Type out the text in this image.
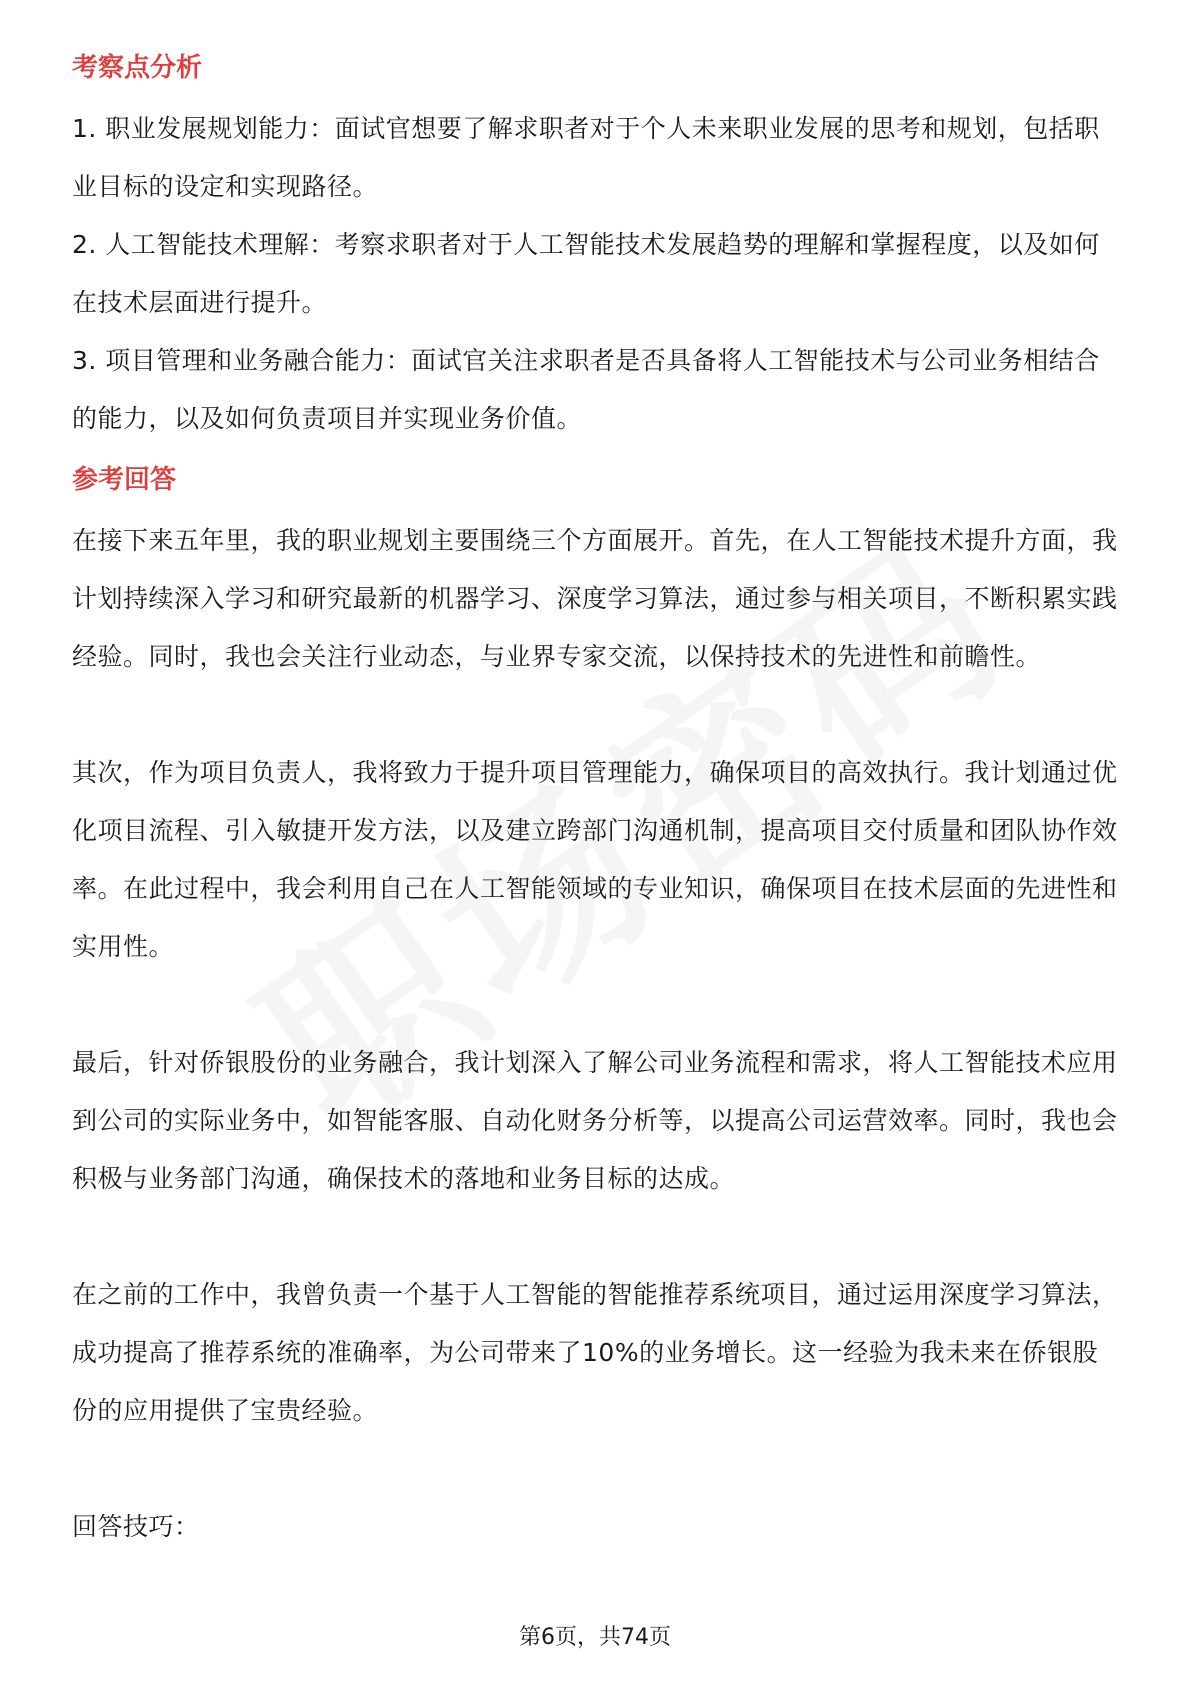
考察点分析

1. 职业发展规划能力：面试官想要了解求职者对于个人未来职业发展的思考和规划，包括职业目标的设定和实现路径。

2. 人工智能技术理解：考察求职者对于人工智能技术发展趋势的理解和掌握程度，以及如何在技术层面进行提升。

3. 项目管理和业务融合能力：面试官关注求职者是否具备将人工智能技术与公司业务相结合的能力，以及如何负责项目并实现业务价值。

参考回答

在接下来五年里，我的职业规划主要围绕三个方面展开。首先，在人工智能技术提升方面，我计划持续深入学习和研究最新的机器学习、深度学习算法，通过参与相关项目，不断积累实践经验。同时，我也会关注行业动态，与业界专家交流，以保持技术的先进性和前瞻性。

其次，作为项目负责人，我将致力于提升项目管理能力，确保项目的高效执行。我计划通过优化项目流程、引入敏捷开发方法，以及建立跨部门沟通机制，提高项目交付质量和团队协作效率。在此过程中，我会利用自己在人工智能领域的专业知识，确保项目在技术层面的先进性和实用性。

最后，针对侨银股份的业务融合，我计划深入了解公司业务流程和需求，将人工智能技术应用到公司的实际业务中，如智能客服、自动化财务分析等，以提高公司运营效率。同时，我也会积极与业务部门沟通，确保技术的落地和业务目标的达成。

在之前的工作中，我曾负责一个基于人工智能的智能推荐系统项目，通过运用深度学习算法，成功提高了推荐系统的准确率，为公司带来了10%的业务增长。这一经验为我未来在侨银股份的应用提供了宝贵经验。

回答技巧：

第6页，共74页
